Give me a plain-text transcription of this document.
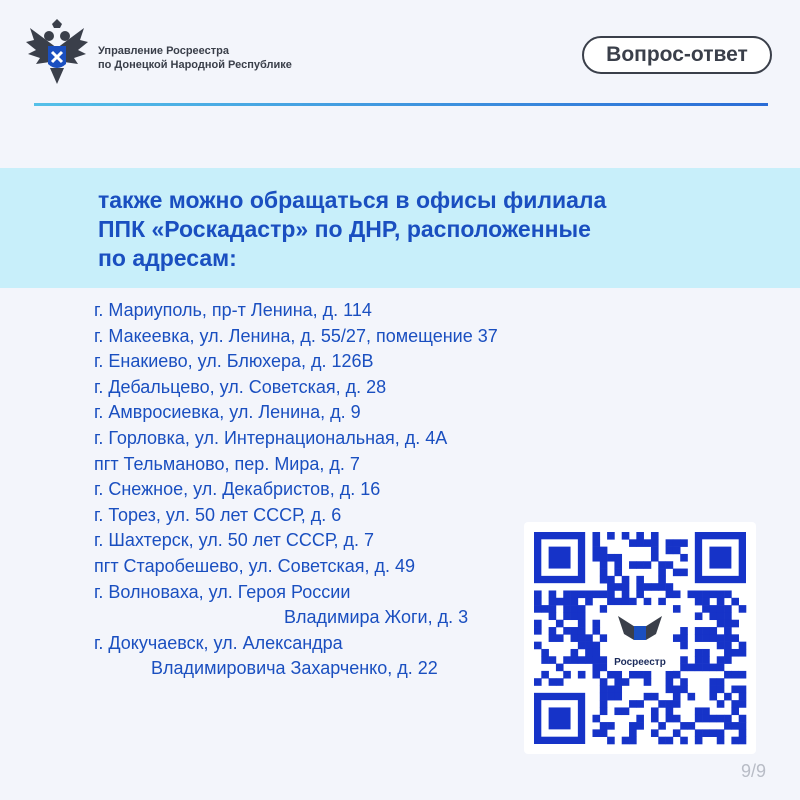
Управление Росреестра
по Донецкой Народной Республике	Вопрос-ответ
также можно обращаться в офисы филиала
ППК «Роскадастр» по ДНР, расположенные
по адресам:
г. Мариуполь, пр-т Ленина, д. 114
г. Макеевка, ул. Ленина, д. 55/27, помещение 37
г. Енакиево, ул. Блюхера, д. 126В
г. Дебальцево, ул. Советская, д. 28
г. Амвросиевка, ул. Ленина, д. 9
г. Горловка, ул. Интернациональная, д. 4А
пгт Тельманово, пер. Мира, д. 7
г. Снежное, ул. Декабристов, д. 16
г. Торез, ул. 50 лет СССР, д. 6
г. Шахтерск, ул. 50 лет СССР, д. 7
пгт Старобешево, ул. Советская, д. 49
г. Волноваха, ул. Героя России
Владимира Жоги, д. 3
г. Докучаевск, ул. Александра
Владимировича Захарченко, д. 22	Росреестр
9/9
